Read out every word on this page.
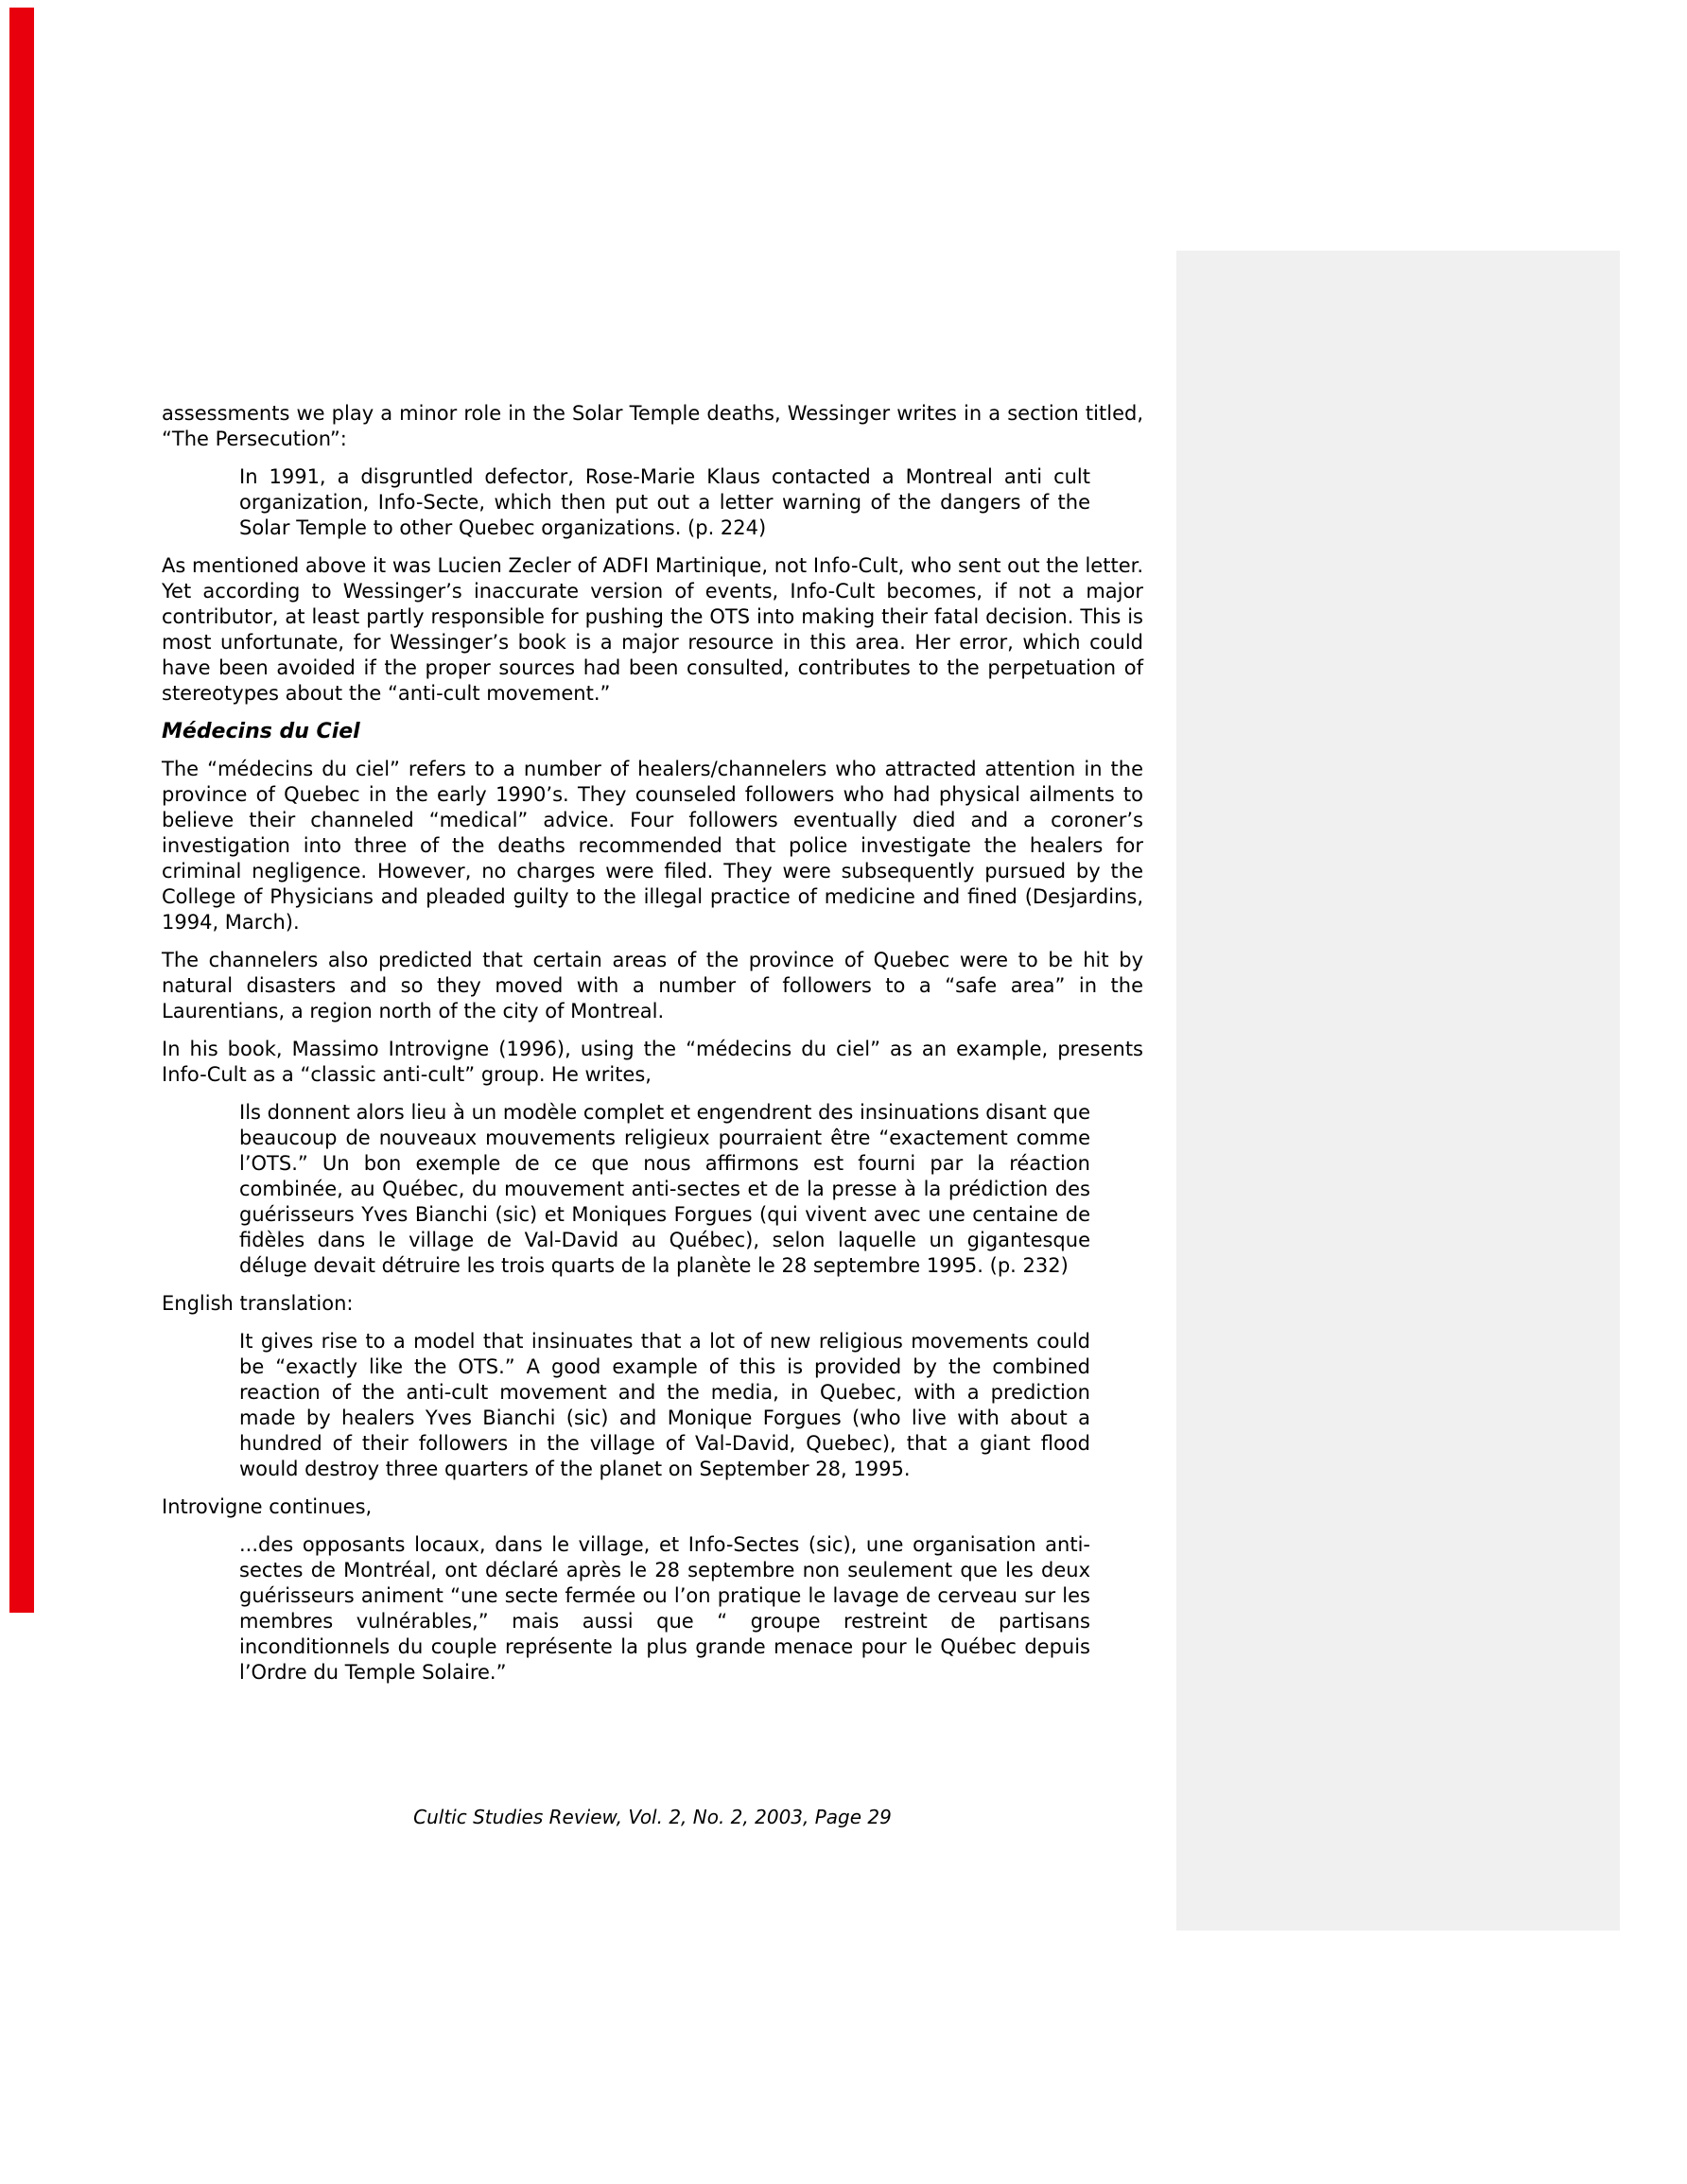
assessments we play a minor role in the Solar Temple deaths, Wessinger writes in a section titled, “The Persecution”:

In 1991, a disgruntled defector, Rose-Marie Klaus contacted a Montreal anti cult organization, Info-Secte, which then put out a letter warning of the dangers of the Solar Temple to other Quebec organizations. (p. 224)

As mentioned above it was Lucien Zecler of ADFI Martinique, not Info-Cult, who sent out the letter. Yet according to Wessinger’s inaccurate version of events, Info-Cult becomes, if not a major contributor, at least partly responsible for pushing the OTS into making their fatal decision. This is most unfortunate, for Wessinger’s book is a major resource in this area. Her error, which could have been avoided if the proper sources had been consulted, contributes to the perpetuation of stereotypes about the “anti-cult movement.”

Médecins du Ciel

The “médecins du ciel” refers to a number of healers/channelers who attracted attention in the province of Quebec in the early 1990’s. They counseled followers who had physical ailments to believe their channeled “medical” advice. Four followers eventually died and a coroner’s investigation into three of the deaths recommended that police investigate the healers for criminal negligence. However, no charges were filed. They were subsequently pursued by the College of Physicians and pleaded guilty to the illegal practice of medicine and fined (Desjardins, 1994, March).

The channelers also predicted that certain areas of the province of Quebec were to be hit by natural disasters and so they moved with a number of followers to a “safe area” in the Laurentians, a region north of the city of Montreal.

In his book, Massimo Introvigne (1996), using the “médecins du ciel” as an example, presents Info-Cult as a “classic anti-cult” group. He writes,

Ils donnent alors lieu à un modèle complet et engendrent des insinuations disant que beaucoup de nouveaux mouvements religieux pourraient être “exactement comme l’OTS.” Un bon exemple de ce que nous affirmons est fourni par la réaction combinée, au Québec, du mouvement anti-sectes et de la presse à la prédiction des guérisseurs Yves Bianchi (sic) et Moniques Forgues (qui vivent avec une centaine de fidèles dans le village de Val-David au Québec), selon laquelle un gigantesque déluge devait détruire les trois quarts de la planète le 28 septembre 1995. (p. 232)

English translation:

It gives rise to a model that insinuates that a lot of new religious movements could be “exactly like the OTS.” A good example of this is provided by the combined reaction of the anti-cult movement and the media, in Quebec, with a prediction made by healers Yves Bianchi (sic) and Monique Forgues (who live with about a hundred of their followers in the village of Val-David, Quebec), that a giant flood would destroy three quarters of the planet on September 28, 1995.

Introvigne continues,

...des opposants locaux, dans le village, et Info-Sectes (sic), une organisation anti-sectes de Montréal, ont déclaré après le 28 septembre non seulement que les deux guérisseurs animent “une secte fermée ou l’on pratique le lavage de cerveau sur les membres vulnérables,” mais aussi que “ groupe restreint de partisans inconditionnels du couple représente la plus grande menace pour le Québec depuis l’Ordre du Temple Solaire.”

Cultic Studies Review, Vol. 2, No. 2, 2003, Page 29
